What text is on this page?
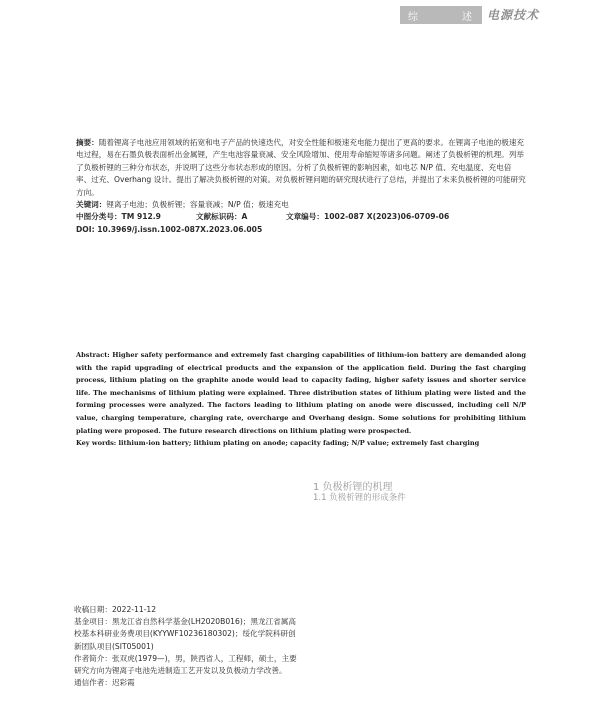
综	述 电源技术

摘要：随着锂离子电池应用领域的拓宽和电子产品的快速迭代，对安全性能和极速充电能力提出了更高的要求。在锂离子电池的极速充电过程，易在石墨负极表面析出金属锂，产生电池容量衰减、安全风险增加、使用寿命缩短等诸多问题。阐述了负极析锂的机理。列举了负极析锂的三种分布状态，并说明了这些分布状态形成的原因。分析了负极析锂的影响因素，如电芯 N/P 值、充电温度、充电倍率、过充、Overhang 设计。提出了解决负极析锂的对策。对负极析锂问题的研究现状进行了总结，并提出了未来负极析锂的可能研究方向。

关键词：锂离子电池；负极析锂；容量衰减；N/P 值；极速充电

中图分类号：TM 912.9	文献标识码：A	文章编号：1002-087 X(2023)06-0709-06

DOI: 10.3969/j.issn.1002-087X.2023.06.005

Abstract: Higher safety performance and extremely fast charging capabilities of lithium-ion battery are demanded along with the rapid upgrading of electrical products and the expansion of the application field. During the fast charging process, lithium plating on the graphite anode would lead to capacity fading, higher safety issues and shorter service life. The mechanisms of lithium plating were explained. Three distribution states of lithium plating were listed and the forming processes were analyzed. The factors leading to lithium plating on anode were discussed, including cell N/P value, charging temperature, charging rate, overcharge and Overhang design. Some solutions for prohibiting lithium plating were proposed. The future research directions on lithium plating were prospected.

Key words: lithium-ion battery; lithium plating on anode; capacity fading; N/P value; extremely fast charging

1 负极析锂的机理
1.1 负极析锂的形成条件

收稿日期：2022-11-12

基金项目：黑龙江省自然科学基金(LH2020B016)；黑龙江省属高校基本科研业务费项目(KYYWF10236180302)；绥化学院科研创新团队项目(SIT05001)

作者简介：张双虎(1979—)，男，陕西省人，工程师，硕士，主要研究方向为锂离子电池先进制造工艺开发以及负极动力学改善。

通信作者：迟彩霞
